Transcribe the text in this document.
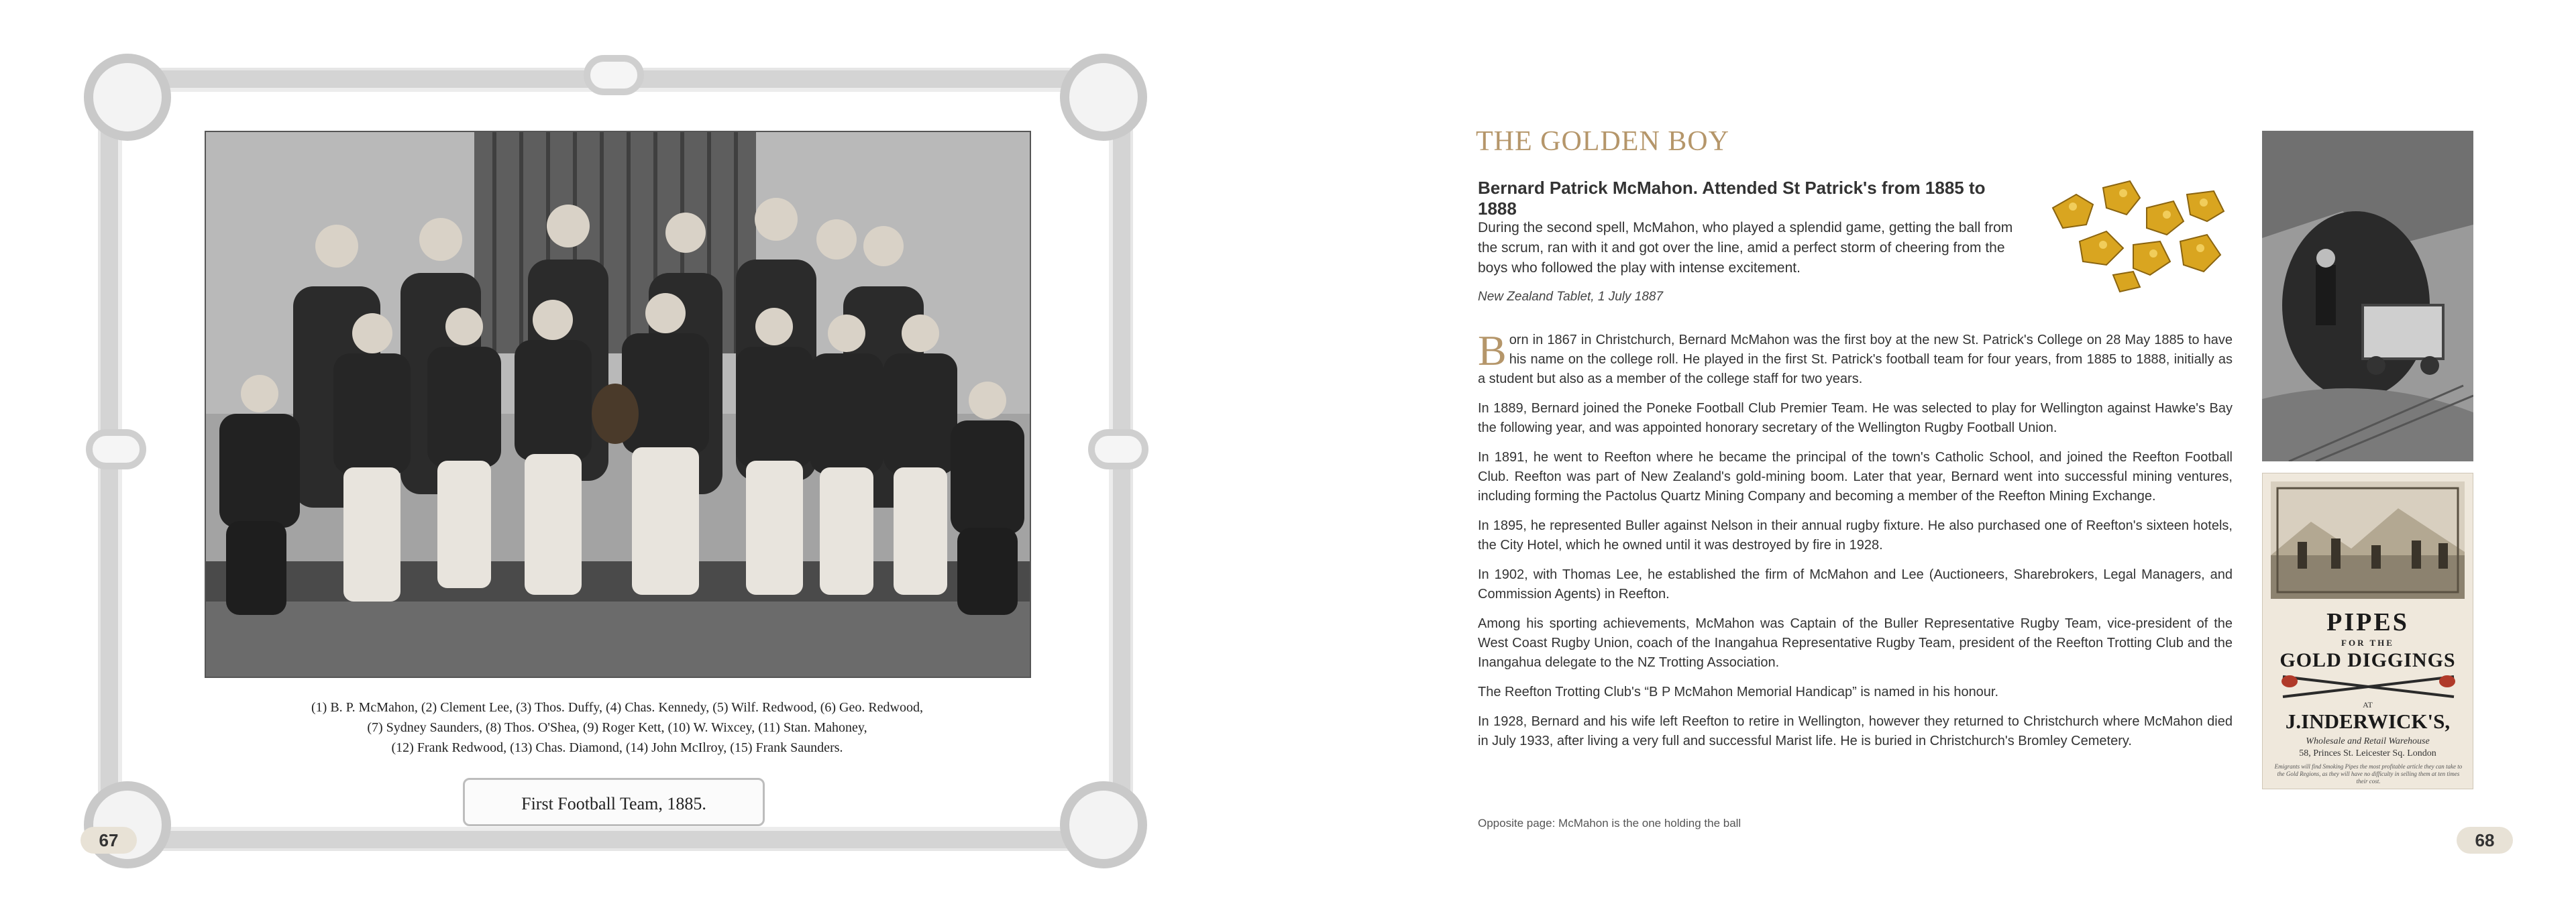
(1) B. P. McMahon, (2) Clement Lee, (3) Thos. Duffy, (4) Chas. Kennedy, (5) Wilf. Redwood, (6) Geo. Redwood,
(7) Sydney Saunders, (8) Thos. O'Shea, (9) Roger Kett, (10) W. Wixcey, (11) Stan. Mahoney,
(12) Frank Redwood, (13) Chas. Diamond, (14) John McIlroy, (15) Frank Saunders.
First Football Team, 1885.
67
THE GOLDEN BOY
Bernard Patrick McMahon. Attended St Patrick's from 1885 to 1888
During the second spell, McMahon, who played a splendid game, getting the ball from the scrum, ran with it and got over the line, amid a perfect storm of cheering from the boys who followed the play with intense excitement.
New Zealand Tablet, 1 July 1887

Born in 1867 in Christchurch, Bernard McMahon was the first boy at the new St. Patrick's College on 28 May 1885 to have his name on the college roll. He played in the first St. Patrick's football team for four years, from 1885 to 1888, initially as a student but also as a member of the college staff for two years.

In 1889, Bernard joined the Poneke Football Club Premier Team. He was selected to play for Wellington against Hawke's Bay the following year, and was appointed honorary secretary of the Wellington Rugby Football Union.

In 1891, he went to Reefton where he became the principal of the town's Catholic School, and joined the Reefton Football Club. Reefton was part of New Zealand's gold-mining boom. Later that year, Bernard went into successful mining ventures, including forming the Pactolus Quartz Mining Company and becoming a member of the Reefton Mining Exchange.

In 1895, he represented Buller against Nelson in their annual rugby fixture. He also purchased one of Reefton's sixteen hotels, the City Hotel, which he owned until it was destroyed by fire in 1928.

In 1902, with Thomas Lee, he established the firm of McMahon and Lee (Auctioneers, Sharebrokers, Legal Managers, and Commission Agents) in Reefton.

Among his sporting achievements, McMahon was Captain of the Buller Representative Rugby Team, vice-president of the West Coast Rugby Union, coach of the Inangahua Representative Rugby Team, president of the Reefton Trotting Club and the Inangahua delegate to the NZ Trotting Association.

The Reefton Trotting Club's “B P McMahon Memorial Handicap” is named in his honour.

In 1928, Bernard and his wife left Reefton to retire in Wellington, however they returned to Christchurch where McMahon died in July 1933, after living a very full and successful Marist life. He is buried in Christchurch's Bromley Cemetery.

Opposite page: McMahon is the one holding the ball
PIPES
FOR THE
GOLD DIGGINGS
AT
J.INDERWICK'S,
Wholesale and Retail Warehouse
58, Princes St. Leicester Sq. London
Emigrants will find Smoking Pipes the most profitable article they can take to the Gold Regions, as they will have no difficulty in selling them at ten times their cost.
68
